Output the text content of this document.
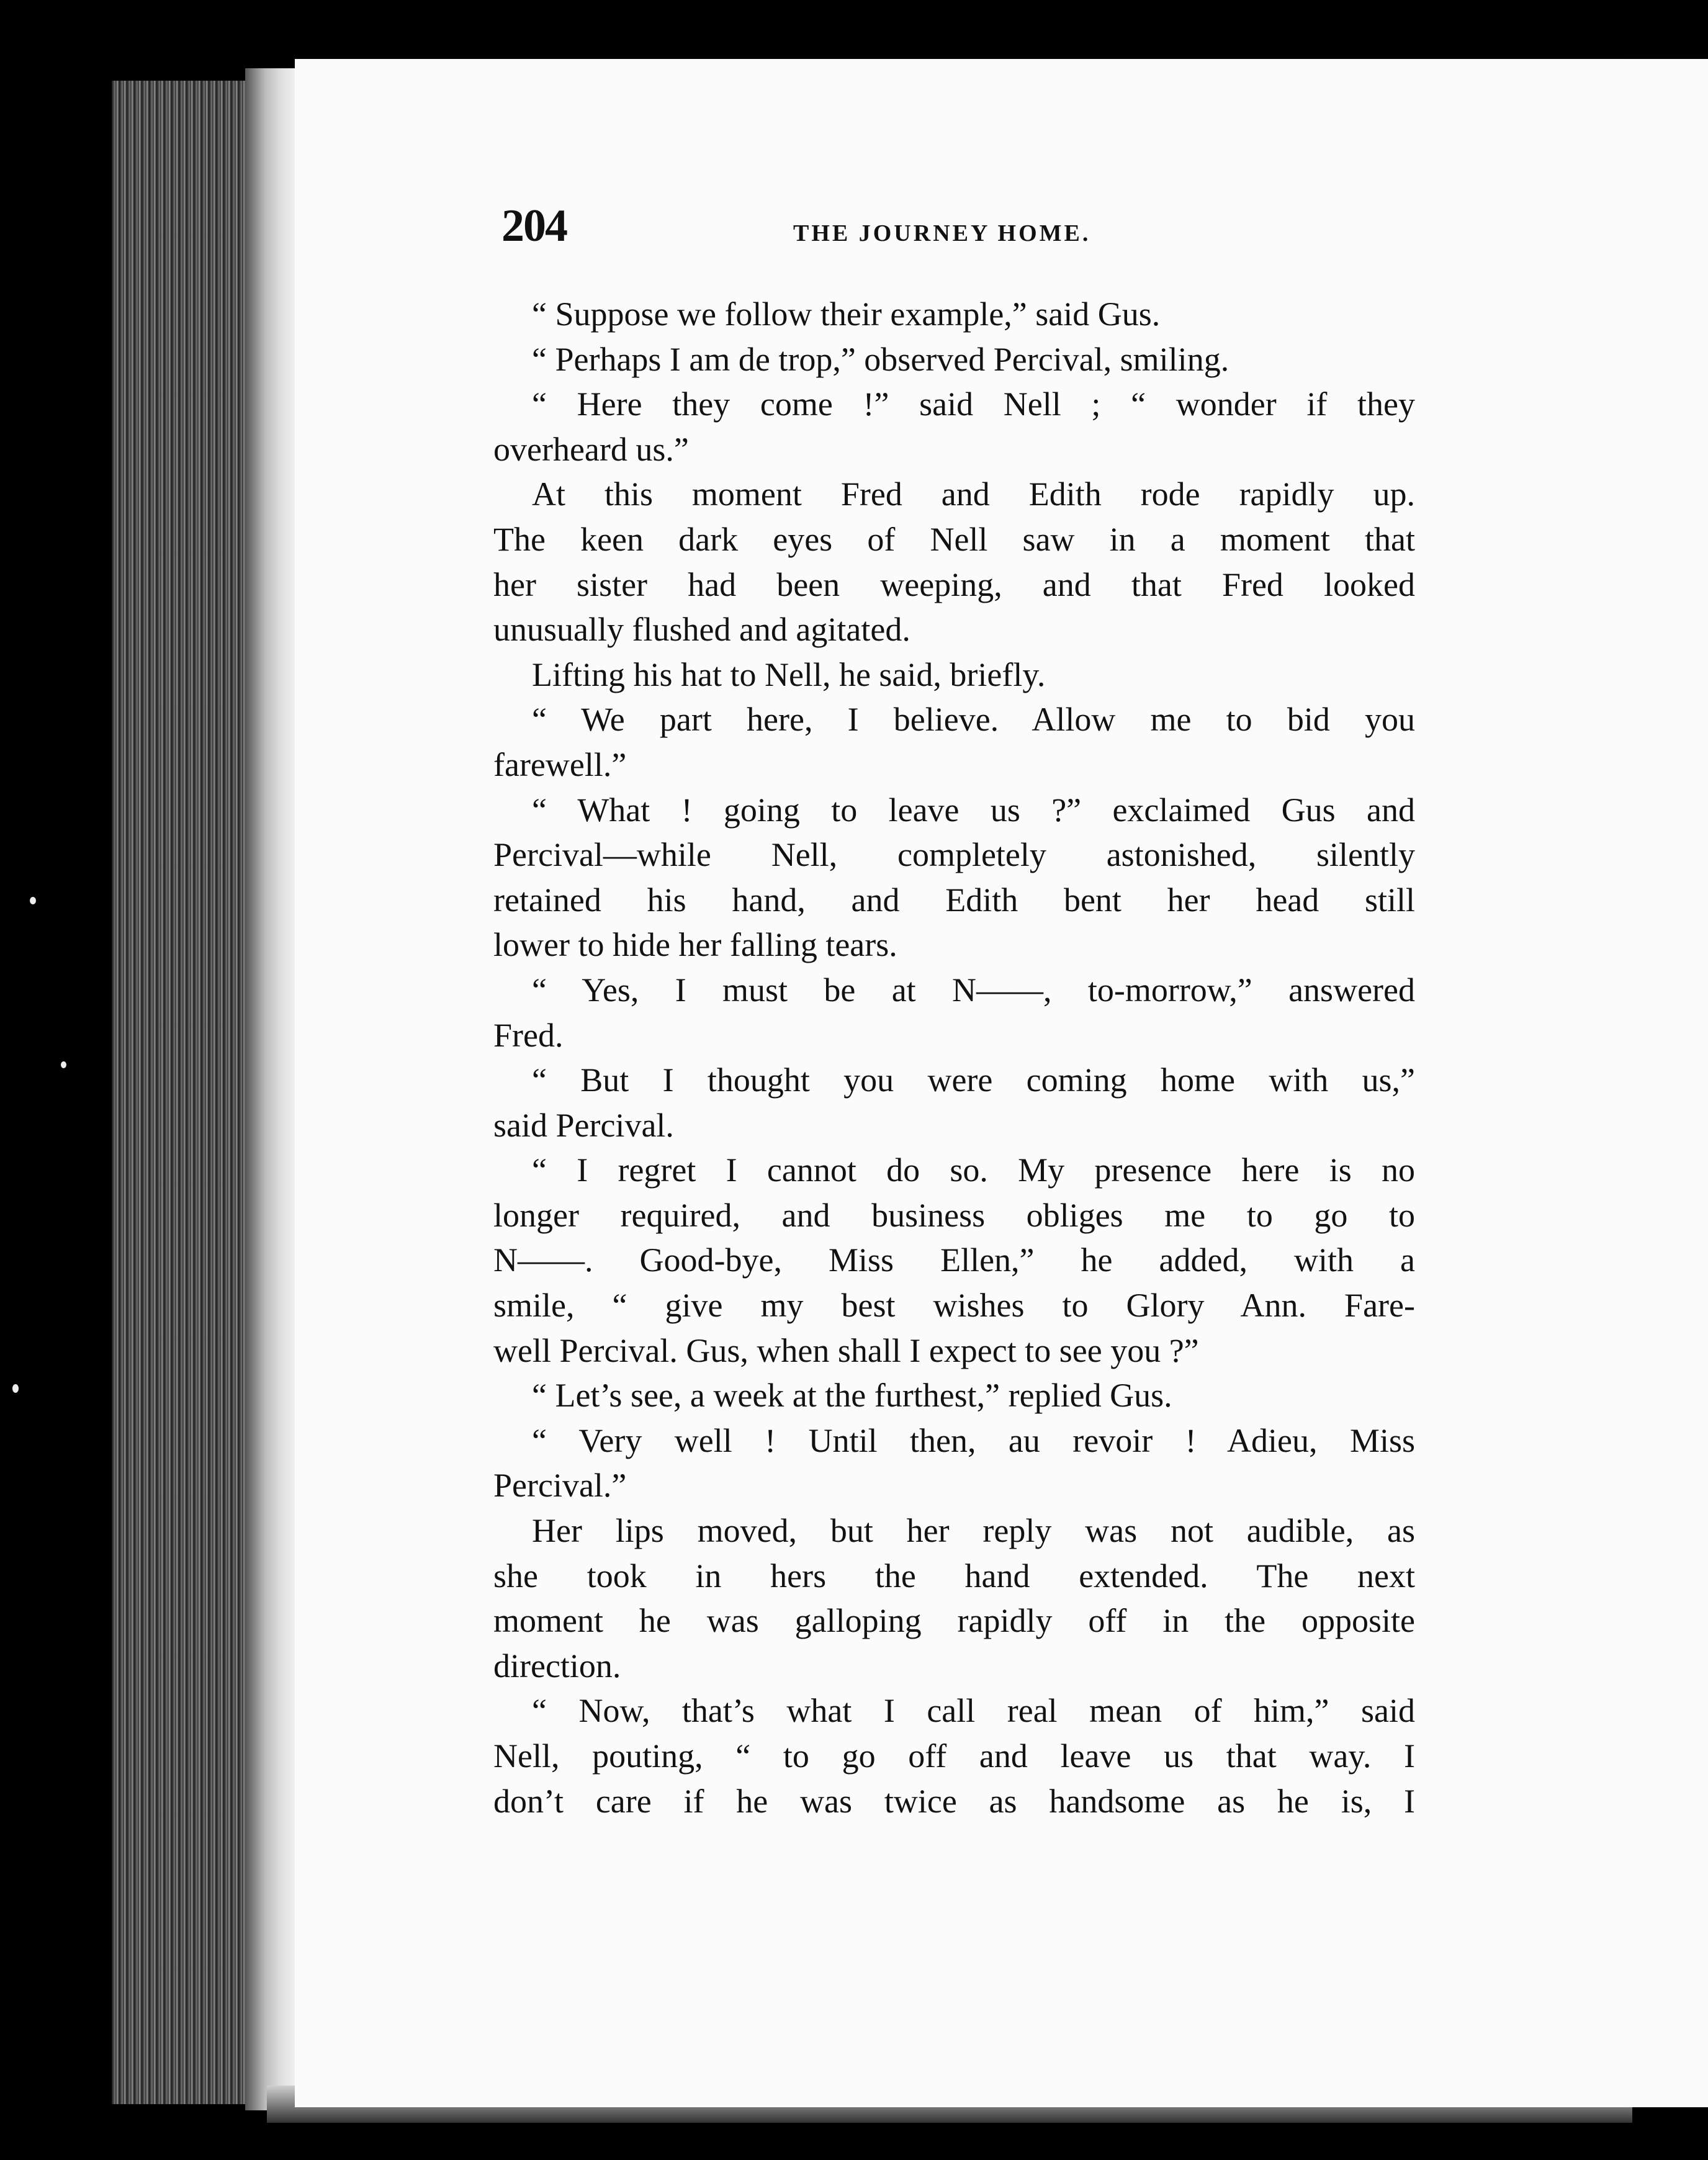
204	THE JOURNEY HOME.
“ Suppose we follow their example,” said Gus.
“ Perhaps I am de trop,” observed Percival, smiling.
“ Here they come !” said Nell ; “ wonder if they
overheard us.”
At this moment Fred and Edith rode rapidly up.
The keen dark eyes of Nell saw in a moment that
her sister had been weeping, and that Fred looked
unusually flushed and agitated.
Lifting his hat to Nell, he said, briefly.
“ We part here, I believe. Allow me to bid you
farewell.”
“ What ! going to leave us ?” exclaimed Gus and
Percival—while Nell, completely astonished, silently
retained his hand, and Edith bent her head still
lower to hide her falling tears.
“ Yes, I must be at N——, to-morrow,” answered
Fred.
“ But I thought you were coming home with us,”
said Percival.
“ I regret I cannot do so. My presence here is no
longer required, and business obliges me to go to
N——. Good-bye, Miss Ellen,” he added, with a
smile, “ give my best wishes to Glory Ann. Fare-
well Percival. Gus, when shall I expect to see you ?”
“ Let’s see, a week at the furthest,” replied Gus.
“ Very well ! Until then, au revoir ! Adieu, Miss
Percival.”
Her lips moved, but her reply was not audible, as
she took in hers the hand extended. The next
moment he was galloping rapidly off in the opposite
direction.
“ Now, that’s what I call real mean of him,” said
Nell, pouting, “ to go off and leave us that way. I
don’t care if he was twice as handsome as he is, I
